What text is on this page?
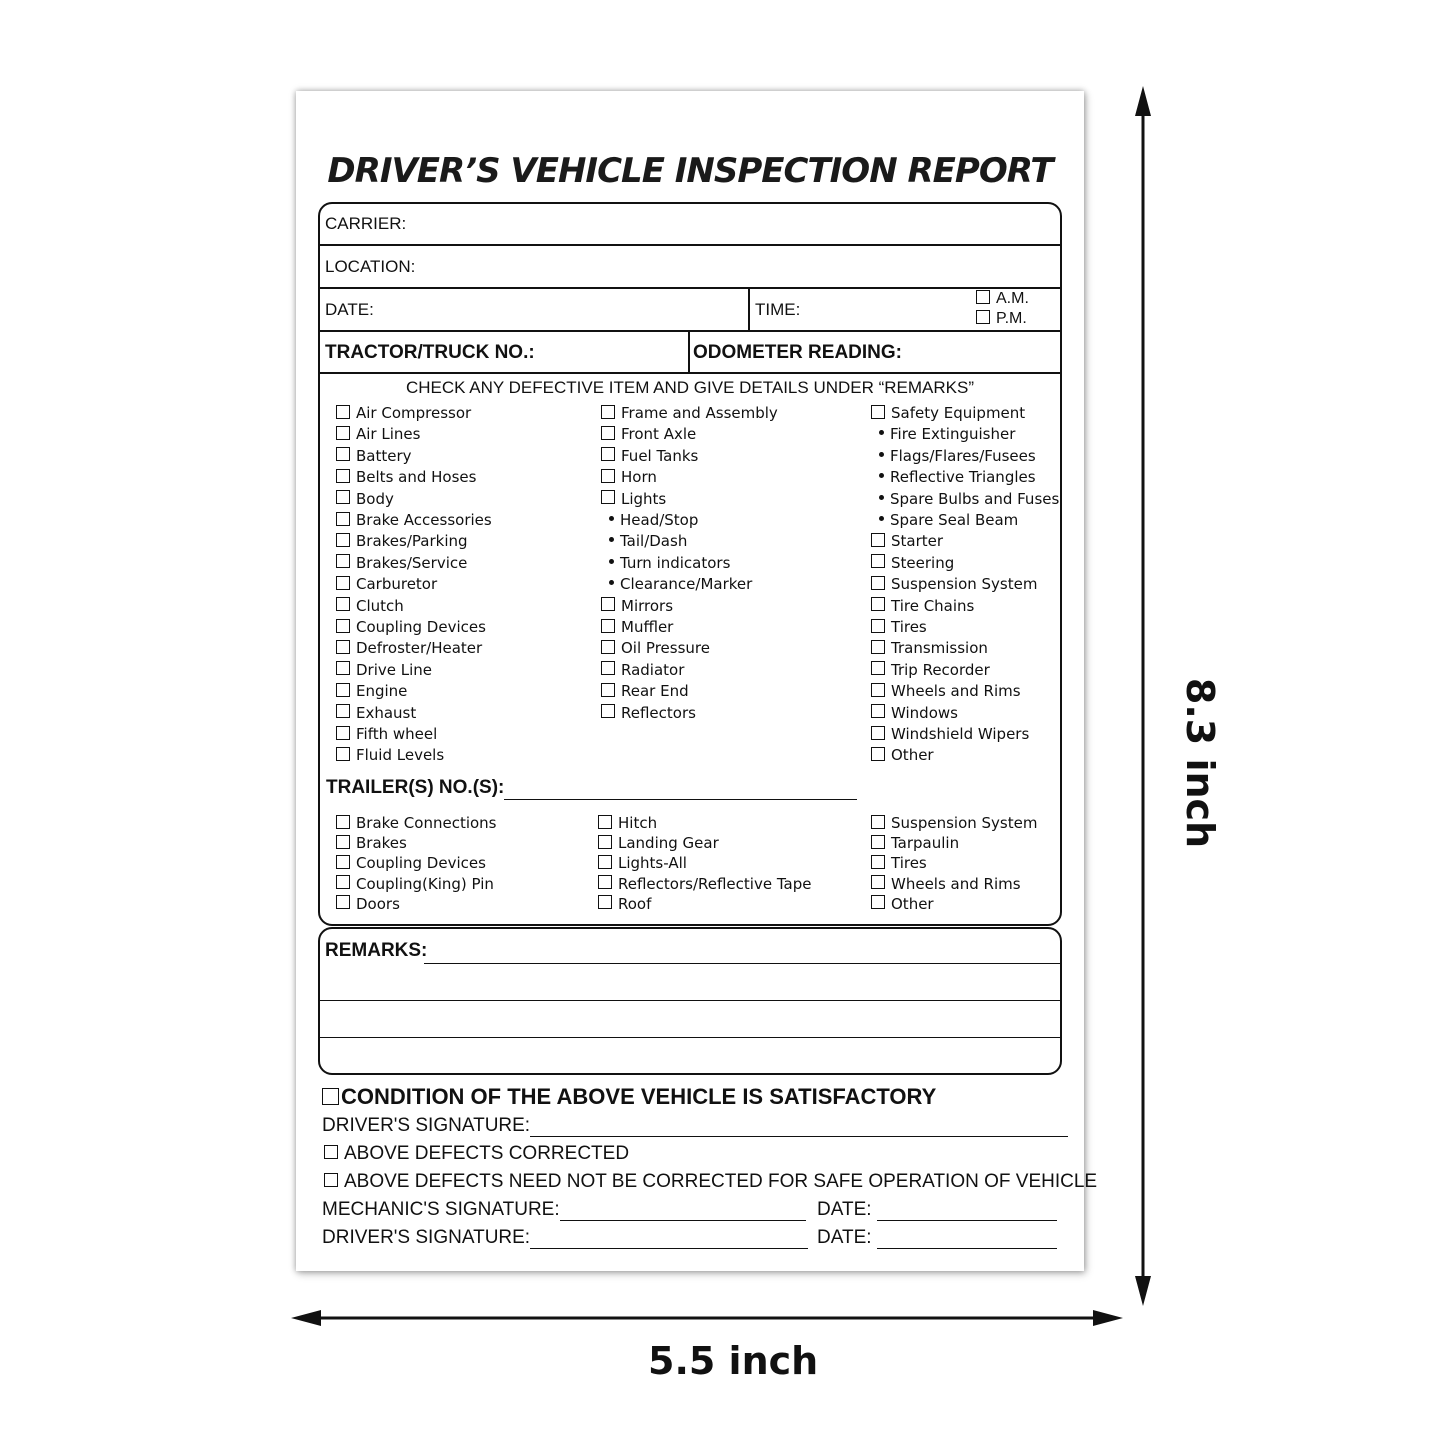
DRIVER’S VEHICLE INSPECTION REPORT
CARRIER:
LOCATION:
DATE:	TIME:
A.M.
P.M.
TRACTOR/TRUCK NO.:	ODOMETER READING:
CHECK ANY DEFECTIVE ITEM AND GIVE DETAILS UNDER “REMARKS”
Air Compressor
Air Lines
Battery
Belts and Hoses
Body
Brake Accessories
Brakes/Parking
Brakes/Service
Carburetor
Clutch
Coupling Devices
Defroster/Heater
Drive Line
Engine
Exhaust
Fifth wheel
Fluid Levels
Frame and Assembly
Front Axle
Fuel Tanks
Horn
Lights
Head/Stop
Tail/Dash
Turn indicators
Clearance/Marker
Mirrors
Muffler
Oil Pressure
Radiator
Rear End
Reflectors
Safety Equipment
Fire Extinguisher
Flags/Flares/Fusees
Reflective Triangles
Spare Bulbs and Fuses
Spare Seal Beam
Starter
Steering
Suspension System
Tire Chains
Tires
Transmission
Trip Recorder
Wheels and Rims
Windows
Windshield Wipers
Other
TRAILER(S) NO.(S):
Brake Connections
Brakes
Coupling Devices
Coupling(King) Pin
Doors
Hitch
Landing Gear
Lights-All
Reflectors/Reflective Tape
Roof
Suspension System
Tarpaulin
Tires
Wheels and Rims
Other
REMARKS:
CONDITION OF THE ABOVE VEHICLE IS SATISFACTORY
DRIVER'S SIGNATURE:
ABOVE DEFECTS CORRECTED
ABOVE DEFECTS NEED NOT BE CORRECTED FOR SAFE OPERATION OF VEHICLE
MECHANIC'S SIGNATURE:	DATE:
DRIVER'S SIGNATURE:	DATE:
5.5 inch
8.3 inch
